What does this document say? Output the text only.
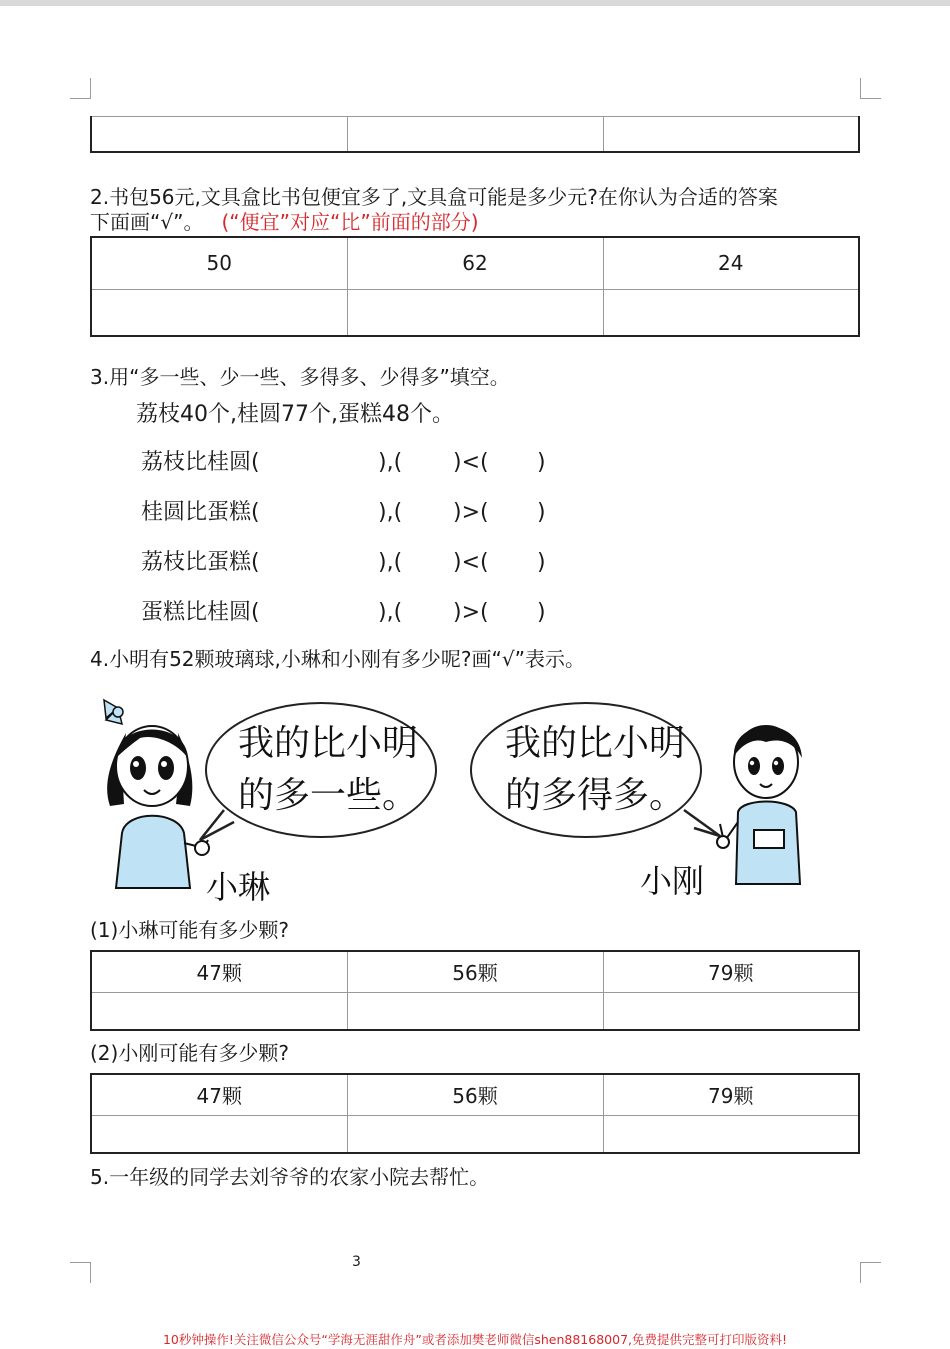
2.书包56元,文具盒比书包便宜多了,文具盒可能是多少元?在你认为合适的答案
下面画“√”。 (“便宜”对应“比”前面的部分)
50	62	24

3.用“多一些、少一些、多得多、少得多”填空。
荔枝40个,桂圆77个,蛋糕48个。
荔枝比桂圆(	),( )<( )
桂圆比蛋糕(	),( )>( )
荔枝比蛋糕(	),( )<( )
蛋糕比桂圆(	),( )>( )
4.小明有52颗玻璃球,小琳和小刚有多少呢?画“√”表示。
我的比小明
的多一些。
小琳
我的比小明
的多得多。
小刚
(1)小琳可能有多少颗?
47颗	56颗	79颗

(2)小刚可能有多少颗?
47颗	56颗	79颗

5.一年级的同学去刘爷爷的农家小院去帮忙。
3
10秒钟操作!关注微信公众号“学海无涯甜作舟”或者添加樊老师微信shen88168007,免费提供完整可打印版资料!
